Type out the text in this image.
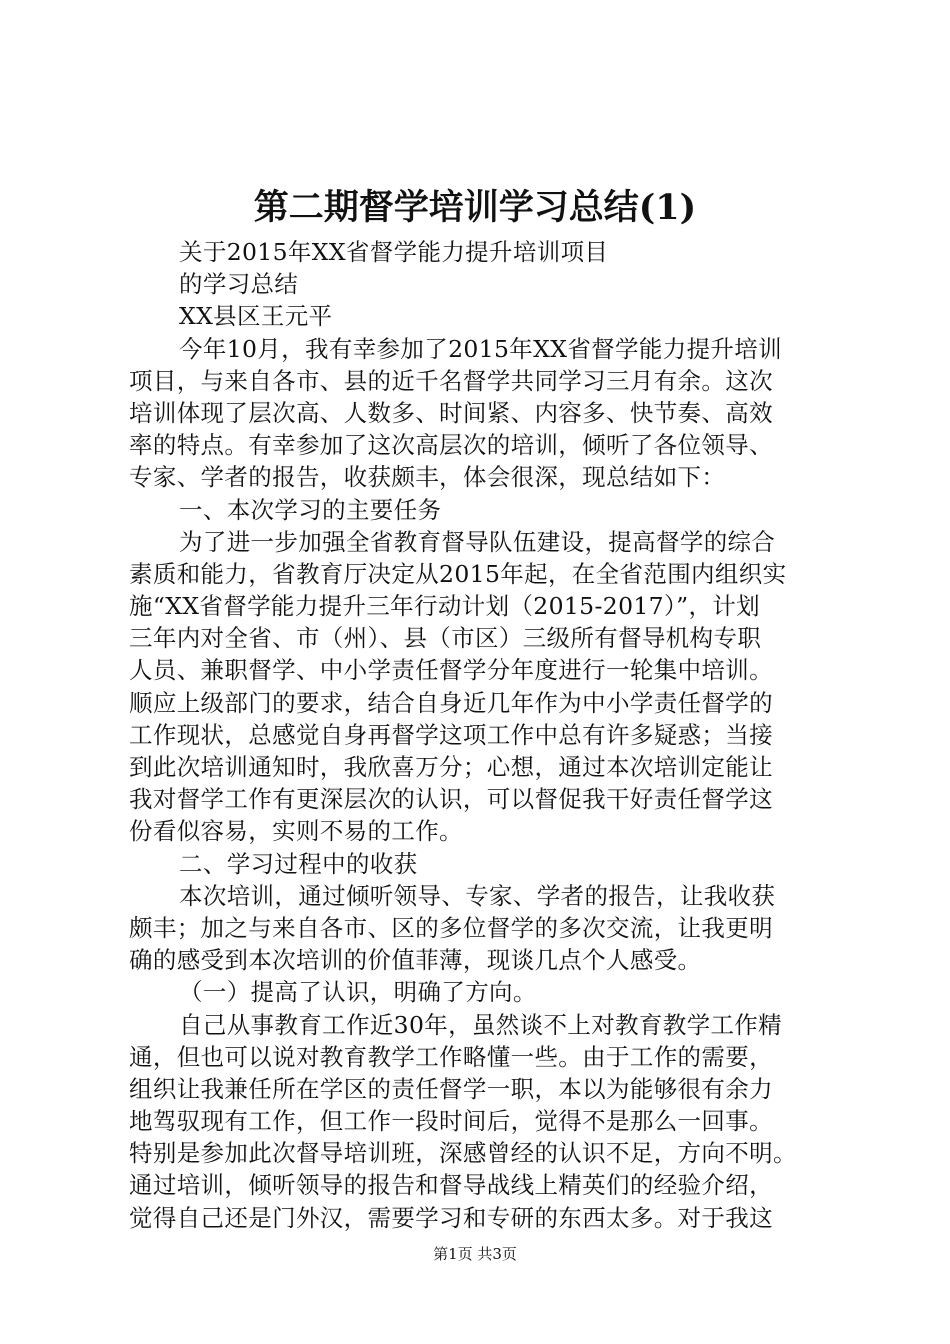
第二期督学培训学习总结(1)
关于2015年XX省督学能力提升培训项目
的学习总结
XX县区王元平
今年10月，我有幸参加了2015年XX省督学能力提升培训
项目，与来自各市、县的近千名督学共同学习三月有余。这次
培训体现了层次高、人数多、时间紧、内容多、快节奏、高效
率的特点。有幸参加了这次高层次的培训，倾听了各位领导、
专家、学者的报告，收获颇丰，体会很深，现总结如下：
一、本次学习的主要任务
为了进一步加强全省教育督导队伍建设，提高督学的综合
素质和能力，省教育厅决定从2015年起，在全省范围内组织实
施“XX省督学能力提升三年行动计划（2015-2017）”，计划
三年内对全省、市（州）、县（市区）三级所有督导机构专职
人员、兼职督学、中小学责任督学分年度进行一轮集中培训。
顺应上级部门的要求，结合自身近几年作为中小学责任督学的
工作现状，总感觉自身再督学这项工作中总有许多疑惑；当接
到此次培训通知时，我欣喜万分；心想，通过本次培训定能让
我对督学工作有更深层次的认识，可以督促我干好责任督学这
份看似容易，实则不易的工作。
二、学习过程中的收获
本次培训，通过倾听领导、专家、学者的报告，让我收获
颇丰；加之与来自各市、区的多位督学的多次交流，让我更明
确的感受到本次培训的价值菲薄，现谈几点个人感受。
（一）提高了认识，明确了方向。
自己从事教育工作近30年，虽然谈不上对教育教学工作精
通，但也可以说对教育教学工作略懂一些。由于工作的需要，
组织让我兼任所在学区的责任督学一职，本以为能够很有余力
地驾驭现有工作，但工作一段时间后，觉得不是那么一回事。
特别是参加此次督导培训班，深感曾经的认识不足，方向不明。
通过培训，倾听领导的报告和督导战线上精英们的经验介绍，
觉得自己还是门外汉，需要学习和专研的东西太多。对于我这
第1页 共3页
